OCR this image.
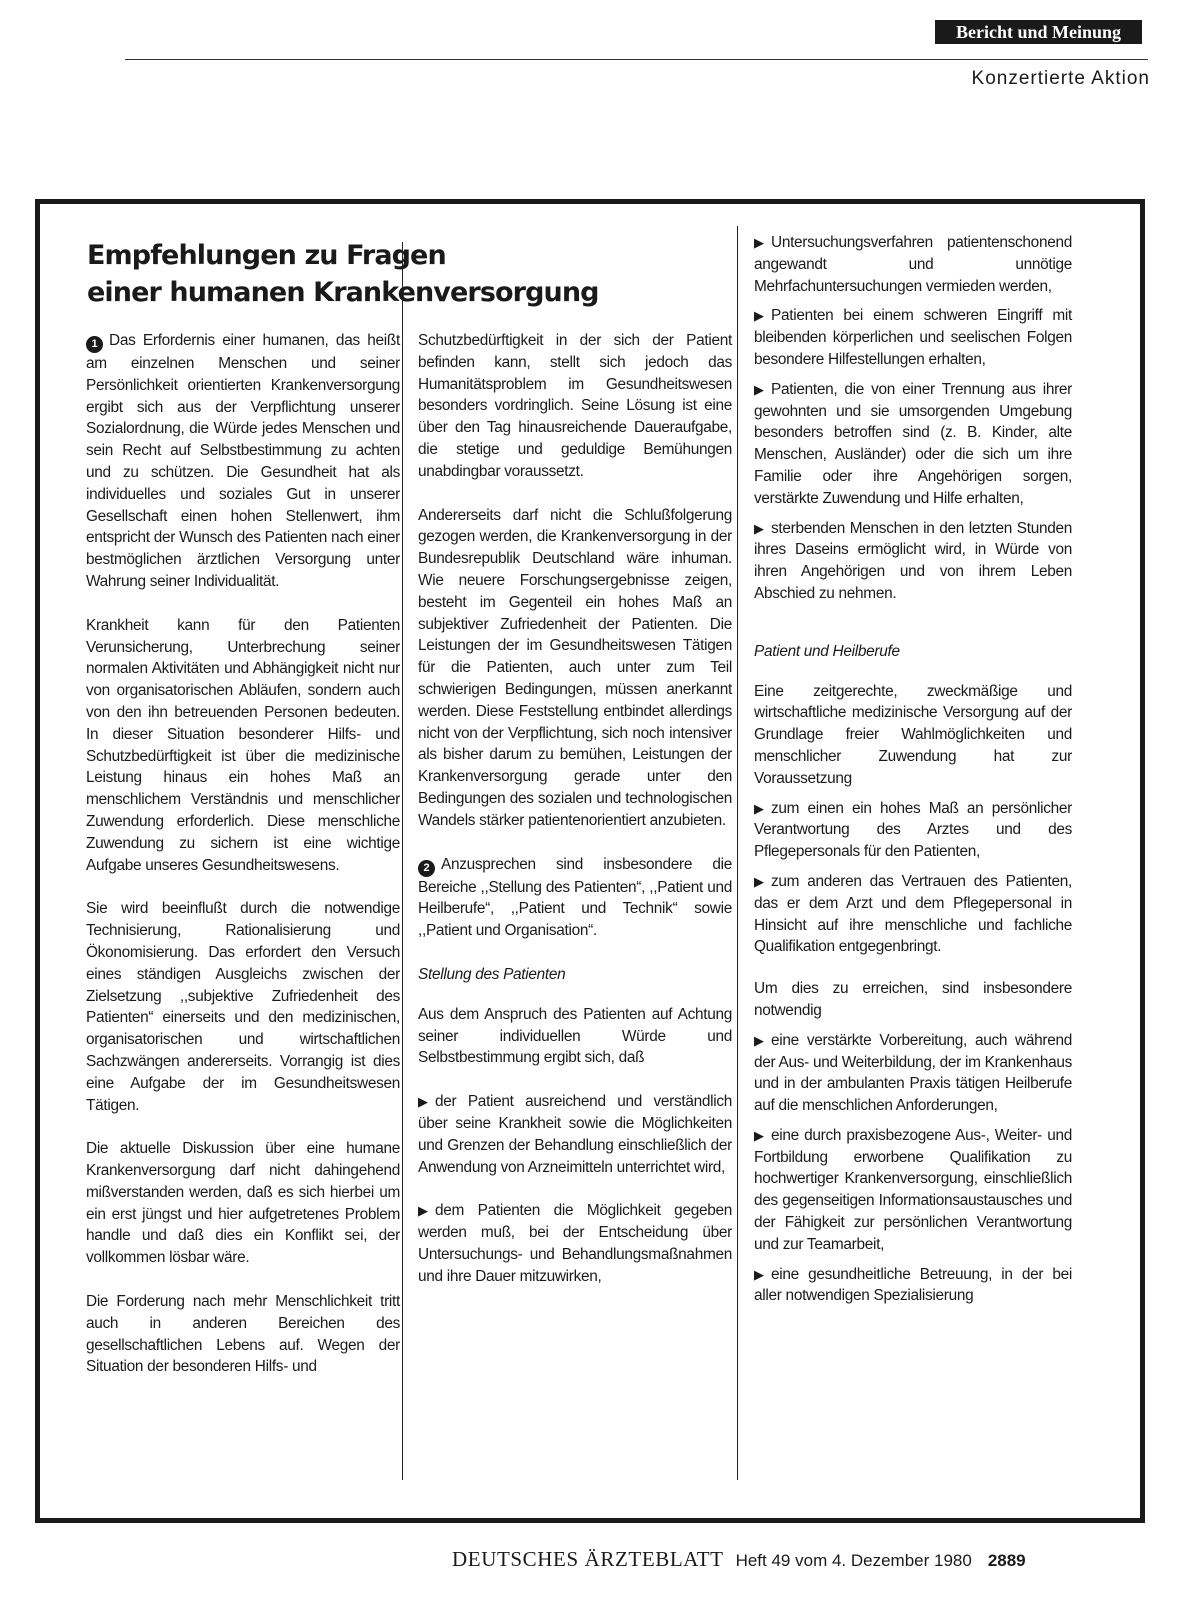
Bericht und Meinung
Konzertierte Aktion
Empfehlungen zu Fragen
einer humanen Krankenversorgung

1 Das Erfordernis einer humanen, das heißt am einzelnen Menschen und seiner Persönlichkeit orientierten Krankenversorgung ergibt sich aus der Verpflichtung unserer Sozialordnung, die Würde jedes Menschen und sein Recht auf Selbstbestimmung zu achten und zu schützen. Die Gesundheit hat als individuelles und soziales Gut in unserer Gesellschaft einen hohen Stellenwert, ihm entspricht der Wunsch des Patienten nach einer bestmöglichen ärztlichen Versorgung unter Wahrung seiner Individualität.

Krankheit kann für den Patienten Verunsicherung, Unterbrechung seiner normalen Aktivitäten und Abhängigkeit nicht nur von organisatorischen Abläufen, sondern auch von den ihn betreuenden Personen bedeuten. In dieser Situation besonderer Hilfs- und Schutzbedürftigkeit ist über die medizinische Leistung hinaus ein hohes Maß an menschlichem Verständnis und menschlicher Zuwendung erforderlich. Diese menschliche Zuwendung zu sichern ist eine wichtige Aufgabe unseres Gesundheitswesens.

Sie wird beeinflußt durch die notwendige Technisierung, Rationalisierung und Ökonomisierung. Das erfordert den Versuch eines ständigen Ausgleichs zwischen der Zielsetzung ,,subjektive Zufriedenheit des Patienten“ einerseits und den medizinischen, organisatorischen und wirtschaftlichen Sachzwängen andererseits. Vorrangig ist dies eine Aufgabe der im Gesundheitswesen Tätigen.

Die aktuelle Diskussion über eine humane Krankenversorgung darf nicht dahingehend mißverstanden werden, daß es sich hierbei um ein erst jüngst und hier aufgetretenes Problem handle und daß dies ein Konflikt sei, der vollkommen lösbar wäre.

Die Forderung nach mehr Menschlichkeit tritt auch in anderen Bereichen des gesellschaftlichen Lebens auf. Wegen der Situation der besonderen Hilfs- und

Schutzbedürftigkeit in der sich der Patient befinden kann, stellt sich jedoch das Humanitätsproblem im Gesundheitswesen besonders vordringlich. Seine Lösung ist eine über den Tag hinausreichende Daueraufgabe, die stetige und geduldige Bemühungen unabdingbar voraussetzt.

Andererseits darf nicht die Schlußfolgerung gezogen werden, die Krankenversorgung in der Bundesrepublik Deutschland wäre inhuman. Wie neuere Forschungsergebnisse zeigen, besteht im Gegenteil ein hohes Maß an subjektiver Zufriedenheit der Patienten. Die Leistungen der im Gesundheitswesen Tätigen für die Patienten, auch unter zum Teil schwierigen Bedingungen, müssen anerkannt werden. Diese Feststellung entbindet allerdings nicht von der Verpflichtung, sich noch intensiver als bisher darum zu bemühen, Leistungen der Krankenversorgung gerade unter den Bedingungen des sozialen und technologischen Wandels stärker patientenorientiert anzubieten.

2 Anzusprechen sind insbesondere die Bereiche ,,Stellung des Patienten“, ,,Patient und Heilberufe“, ,,Patient und Technik“ sowie ,,Patient und Organisation“.

Stellung des Patienten

Aus dem Anspruch des Patienten auf Achtung seiner individuellen Würde und Selbstbestimmung ergibt sich, daß

▶ der Patient ausreichend und verständlich über seine Krankheit sowie die Möglichkeiten und Grenzen der Behandlung einschließlich der Anwendung von Arzneimitteln unterrichtet wird,

▶ dem Patienten die Möglichkeit gegeben werden muß, bei der Entscheidung über Untersuchungs- und Behandlungsmaßnahmen und ihre Dauer mitzuwirken,

▶ Untersuchungsverfahren patientenschonend angewandt und unnötige Mehrfachuntersuchungen vermieden werden,

▶ Patienten bei einem schweren Eingriff mit bleibenden körperlichen und seelischen Folgen besondere Hilfestellungen erhalten,

▶ Patienten, die von einer Trennung aus ihrer gewohnten und sie umsorgenden Umgebung besonders betroffen sind (z. B. Kinder, alte Menschen, Ausländer) oder die sich um ihre Familie oder ihre Angehörigen sorgen, verstärkte Zuwendung und Hilfe erhalten,

▶ sterbenden Menschen in den letzten Stunden ihres Daseins ermöglicht wird, in Würde von ihren Angehörigen und von ihrem Leben Abschied zu nehmen.

Patient und Heilberufe

Eine zeitgerechte, zweckmäßige und wirtschaftliche medizinische Versorgung auf der Grundlage freier Wahlmöglichkeiten und menschlicher Zuwendung hat zur Voraussetzung

▶ zum einen ein hohes Maß an persönlicher Verantwortung des Arztes und des Pflegepersonals für den Patienten,

▶ zum anderen das Vertrauen des Patienten, das er dem Arzt und dem Pflegepersonal in Hinsicht auf ihre menschliche und fachliche Qualifikation entgegenbringt.

Um dies zu erreichen, sind insbesondere notwendig

▶ eine verstärkte Vorbereitung, auch während der Aus- und Weiterbildung, der im Krankenhaus und in der ambulanten Praxis tätigen Heilberufe auf die menschlichen Anforderungen,

▶ eine durch praxisbezogene Aus-, Weiter- und Fortbildung erworbene Qualifikation zu hochwertiger Krankenversorgung, einschließlich des gegenseitigen Informationsaustausches und der Fähigkeit zur persönlichen Verantwortung und zur Teamarbeit,

▶ eine gesundheitliche Betreuung, in der bei aller notwendigen Spezialisierung

DEUTSCHES ÄRZTEBLATT Heft 49 vom 4. Dezember 1980 2889
